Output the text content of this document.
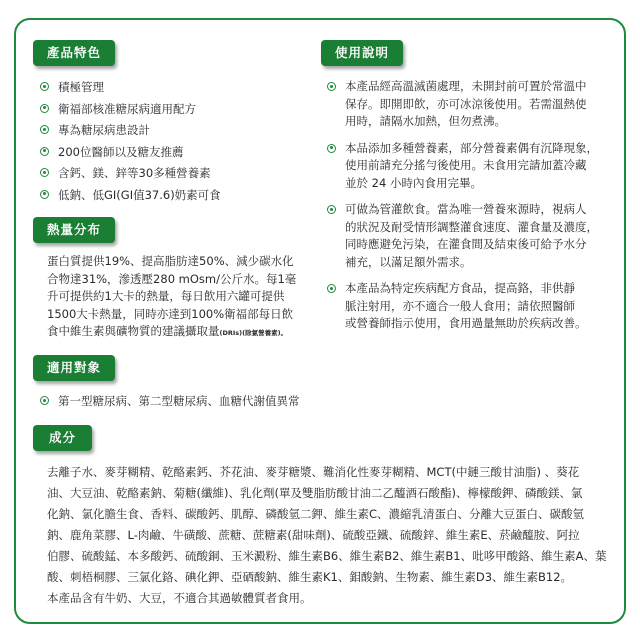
產品特色
積極管理
衛福部核准糖尿病適用配方
專為糖尿病患設計
200位醫師以及糖友推薦
含鈣、鎂、鋅等30多種營養素
低鈉、低GI(GI值37.6)奶素可食
熱量分布
蛋白質提供19%、提高脂肪達50%、減少碳水化
合物達31%，滲透壓280 mOsm/公斤水。每1毫
升可提供約1大卡的熱量，每日飲用六罐可提供
1500大卡熱量，同時亦達到100%衛福部每日飲
食中維生素與礦物質的建議攝取量(DRIs)(除氯營養素)。
使用說明
本產品經高溫滅菌處理，未開封前可置於常溫中
保存。即開即飲，亦可冰涼後使用。若需溫熱使
用時，請隔水加熱，但勿煮沸。
本品添加多種營養素，部分營養素偶有沉降現象，
使用前請充分搖勻後使用。未食用完請加蓋冷藏
並於 24 小時內食用完畢。
可做為管灌飲食。當為唯一營養來源時，視病人
的狀況及耐受情形調整灌食速度、灌食量及濃度，
同時應避免污染，在灌食間及結束後可給予水分
補充，以滿足額外需求。
本產品為特定疾病配方食品，提高鉻，非供靜
脈注射用，亦不適合一般人食用；請依照醫師
或營養師指示使用，食用過量無助於疾病改善。
適用對象
第一型糖尿病、第二型糖尿病、血糖代謝值異常
成分
去離子水、麥芽糊精、乾酪素鈣、芥花油、麥芽糖漿、難消化性麥芽糊精、MCT(中鏈三酸甘油脂) 、葵花
油、大豆油、乾酪素鈉、菊糖(纖維)、乳化劑(單及雙脂肪酸甘油二乙醯酒石酸酯)、檸檬酸鉀、磷酸鎂、氯
化鈉、氯化膽生食、香料、碳酸鈣、肌醇、磷酸氫二鉀、維生素C、濃縮乳清蛋白、分離大豆蛋白、碳酸氫
鈉、鹿角菜膠、L-肉鹼、牛磺酸、蔗糖、蔗糖素(甜味劑)、硫酸亞鐵、硫酸鋅、維生素E、菸鹼醯胺、阿拉
伯膠、硫酸錳、本多酸鈣、硫酸銅、玉米澱粉、維生素B6、維生素B2、維生素B1、吡哆甲酸鉻、維生素A、葉
酸、刺梧桐膠、三氯化鉻、碘化鉀、亞硒酸鈉、維生素K1、鉬酸鈉、生物素、維生素D3、維生素B12。
本產品含有牛奶、大豆，不適合其過敏體質者食用。
